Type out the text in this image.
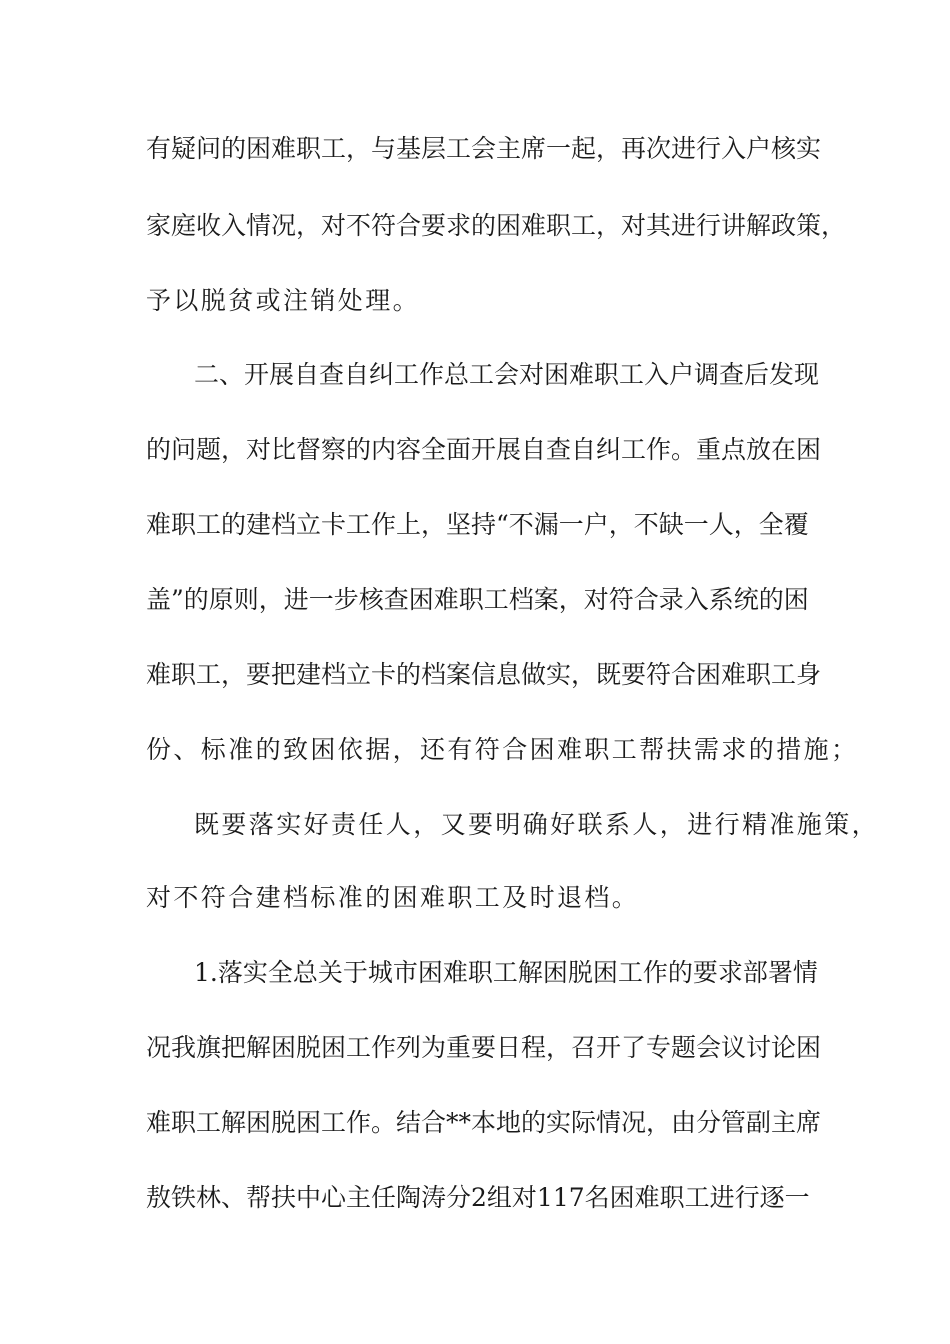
有疑问的困难职工，与基层工会主席一起，再次进行入户核实
家庭收入情况，对不符合要求的困难职工，对其进行讲解政策，
予以脱贫或注销处理。
二、开展自查自纠工作总工会对困难职工入户调查后发现
的问题，对比督察的内容全面开展自查自纠工作。重点放在困
难职工的建档立卡工作上，坚持“不漏一户，不缺一人，全覆
盖”的原则，进一步核查困难职工档案，对符合录入系统的困
难职工，要把建档立卡的档案信息做实，既要符合困难职工身
份、标准的致困依据，还有符合困难职工帮扶需求的措施；
既要落实好责任人，又要明确好联系人，进行精准施策，
对不符合建档标准的困难职工及时退档。
1.落实全总关于城市困难职工解困脱困工作的要求部署情
况我旗把解困脱困工作列为重要日程，召开了专题会议讨论困
难职工解困脱困工作。结合**本地的实际情况，由分管副主席
敖铁林、帮扶中心主任陶涛分2组对117名困难职工进行逐一
